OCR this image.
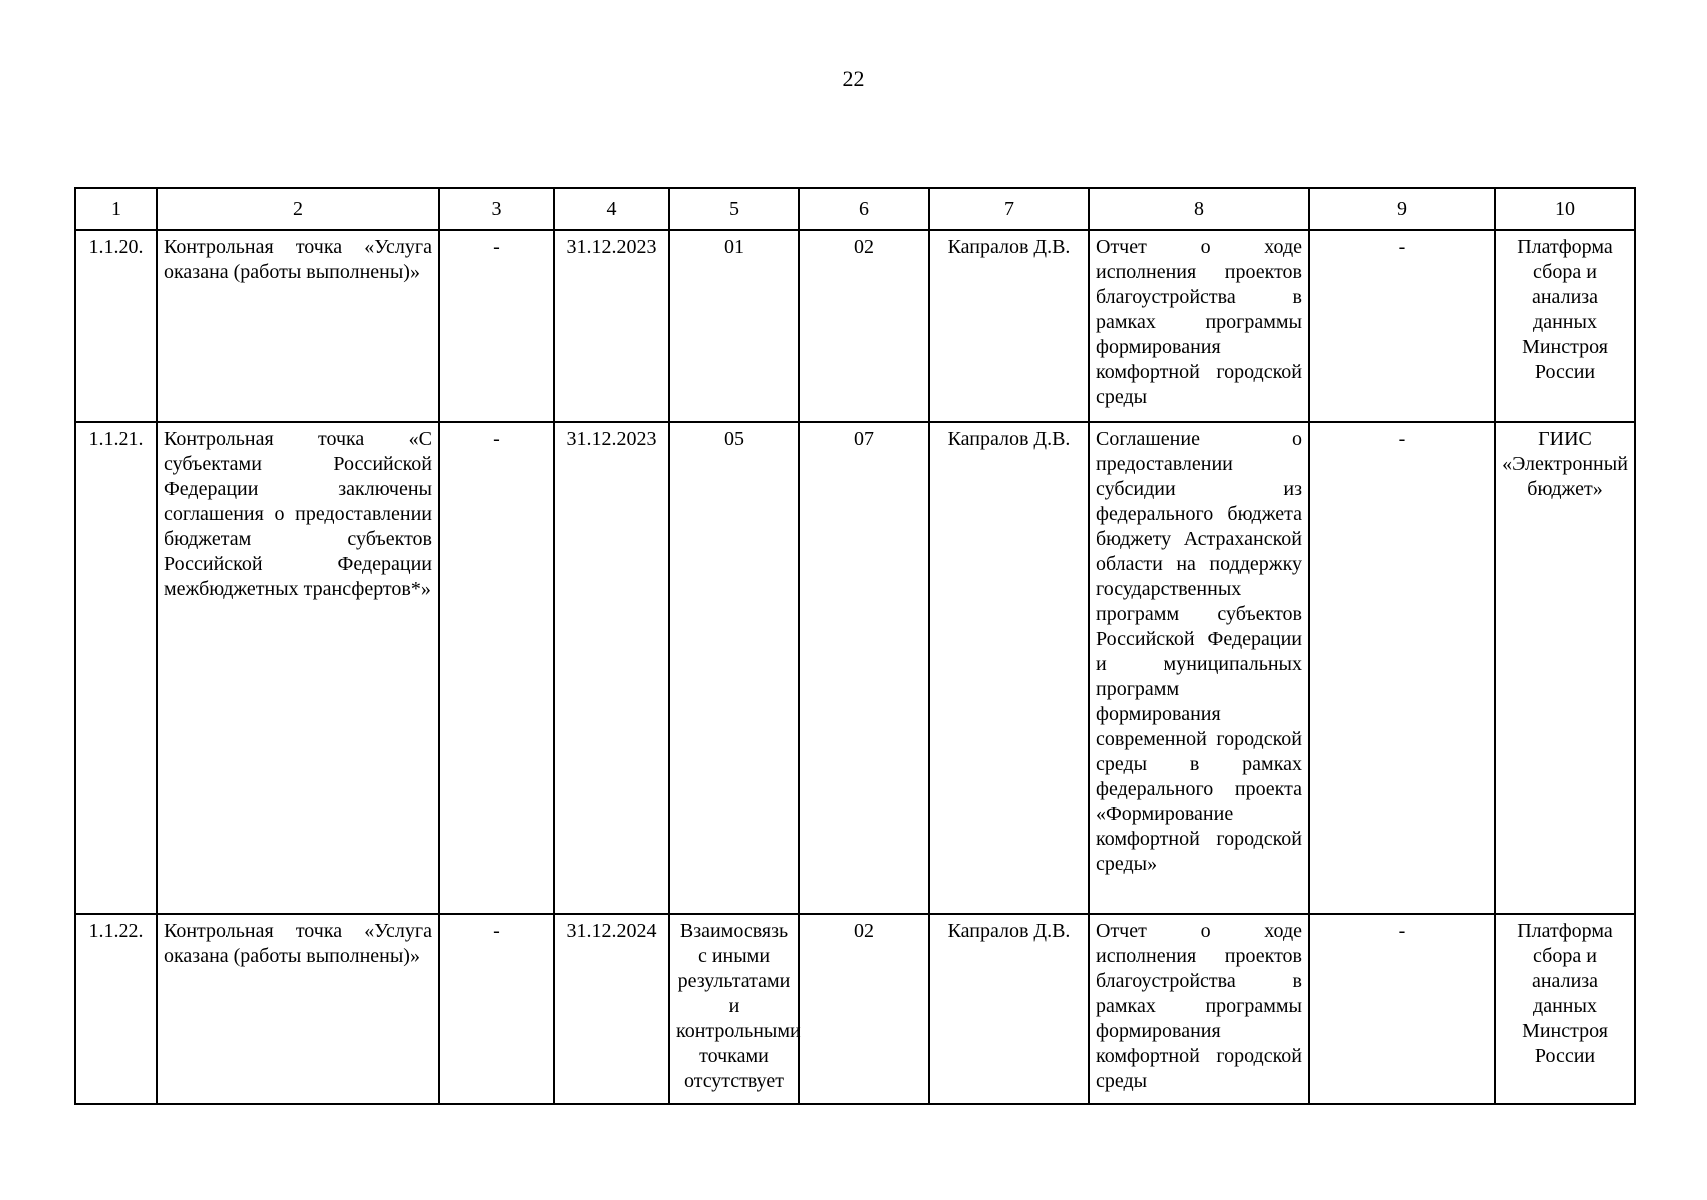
22
1	2	3	4	5	6	7	8	9	10
1.1.20.	Контрольная точка «Услуга оказана (работы выполнены)»	-	31.12.2023	01	02	Капралов Д.В.	Отчет о ходе исполнения проектов благоустройства в рамках программы формирования комфортной городской среды	-	Платформа сбора и анализа данных Минстроя России
1.1.21.	Контрольная точка «С субъектами Российской Федерации заключены соглашения о предоставлении бюджетам субъектов Российской Федерации межбюджетных трансфертов*»	-	31.12.2023	05	07	Капралов Д.В.	Соглашение о предоставлении субсидии из федерального бюджета бюджету Астраханской области на поддержку государственных программ субъектов Российской Федерации и муниципальных программ формирования современной городской среды в рамках федерального проекта «Формирование комфортной городской среды»	-	ГИИС «Электронный бюджет»
1.1.22.	Контрольная точка «Услуга оказана (работы выполнены)»	-	31.12.2024	Взаимосвязь с иными результатами и контрольными точками отсутствует	02	Капралов Д.В.	Отчет о ходе исполнения проектов благоустройства в рамках программы формирования комфортной городской среды	-	Платформа сбора и анализа данных Минстроя России
